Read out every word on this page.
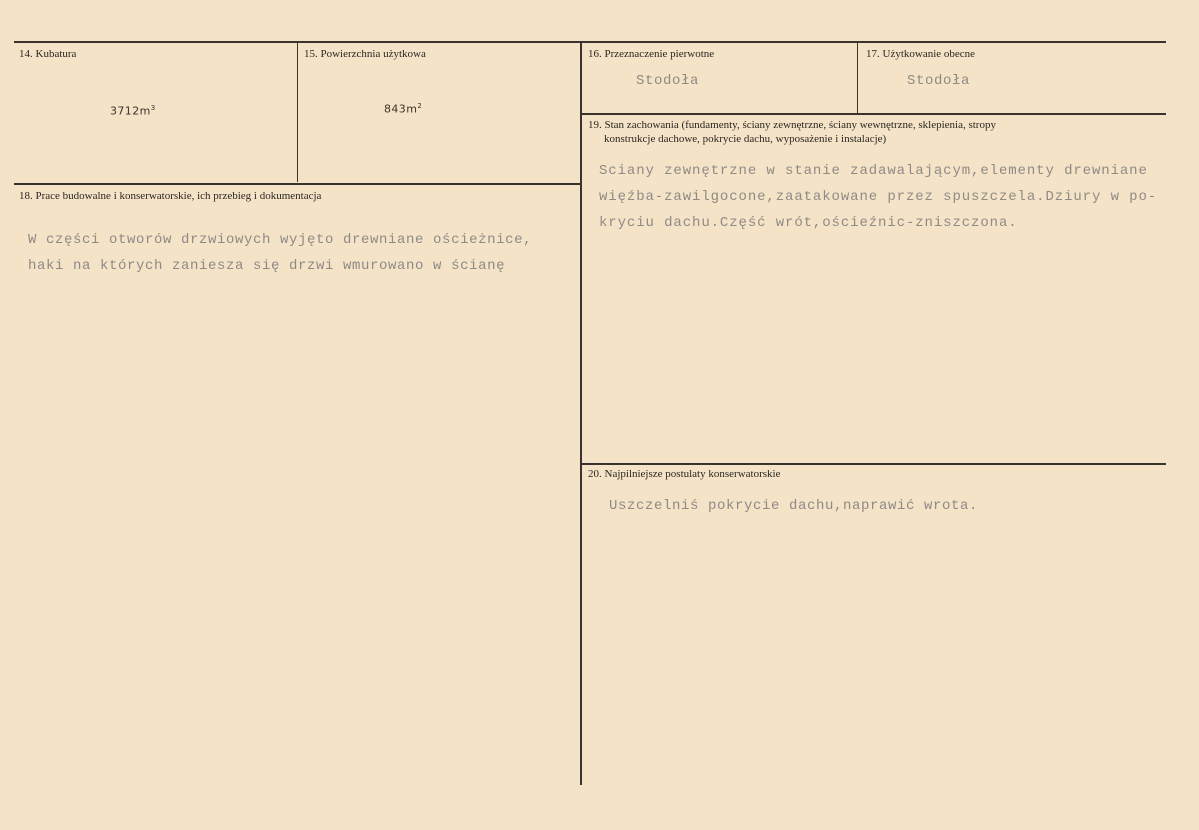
14. Kubatura
$3712m^3$
15. Powierzchnia użytkowa
$843m^2$
16. Przeznaczenie pierwotne
Stodoła
17. Użytkowanie obecne
Stodoła
18. Prace budowalne i konserwatorskie, ich przebieg i dokumentacja
W części otworów drzwiowych wyjęto drewniane ościeżnice,
haki na których zaniesza się drzwi wmurowano w ścianę
19. Stan zachowania (fundamenty, ściany zewnętrzne, ściany wewnętrzne, sklepienia, stropy
konstrukcje dachowe, pokrycie dachu, wyposażenie i instalacje)
Sciany zewnętrzne w stanie zadawalającym,elementy drewniane
więźba-zawilgocone,zaatakowane przez spuszczela.Dziury w po-
kryciu dachu.Część wrót,ościeźnic-zniszczona.
20. Najpilniejsze postulaty konserwatorskie
Uszczelniś pokrycie dachu,naprawić wrota.
